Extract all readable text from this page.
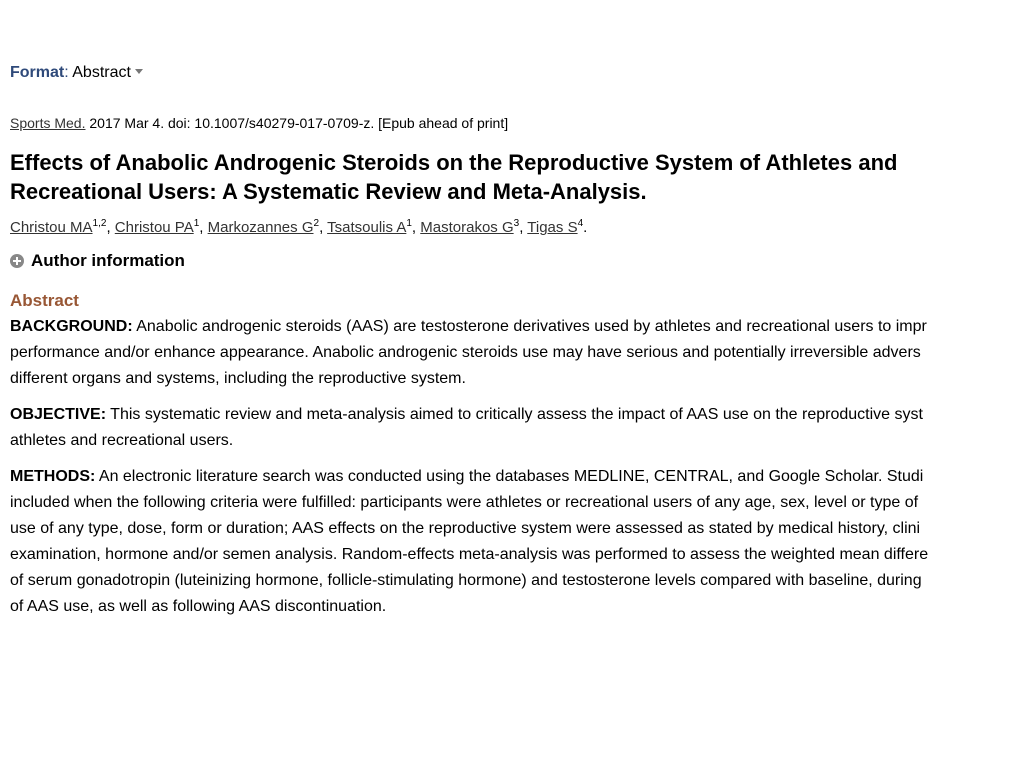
Format: Abstract
Sports Med. 2017 Mar 4. doi: 10.1007/s40279-017-0709-z. [Epub ahead of print]
Effects of Anabolic Androgenic Steroids on the Reproductive System of Athletes and
Recreational Users: A Systematic Review and Meta-Analysis.
Christou MA$^{1,2}$, Christou $PA^1$, Markozannes $G^2$, Tsatsoulis $A^1$, Mastorakos $G^3$, Tigas $S^4$.
Author information
Abstract

BACKGROUND: Anabolic androgenic steroids (AAS) are testosterone derivatives used by athletes and recreational users to impr
performance and/or enhance appearance. Anabolic androgenic steroids use may have serious and potentially irreversible advers
different organs and systems, including the reproductive system.

OBJECTIVE: This systematic review and meta-analysis aimed to critically assess the impact of AAS use on the reproductive syst
athletes and recreational users.

METHODS: An electronic literature search was conducted using the databases MEDLINE, CENTRAL, and Google Scholar. Studi
included when the following criteria were fulfilled: participants were athletes or recreational users of any age, sex, level or type of
use of any type, dose, form or duration; AAS effects on the reproductive system were assessed as stated by medical history, clini
examination, hormone and/or semen analysis. Random-effects meta-analysis was performed to assess the weighted mean differe
of serum gonadotropin (luteinizing hormone, follicle-stimulating hormone) and testosterone levels compared with baseline, during
of AAS use, as well as following AAS discontinuation.
